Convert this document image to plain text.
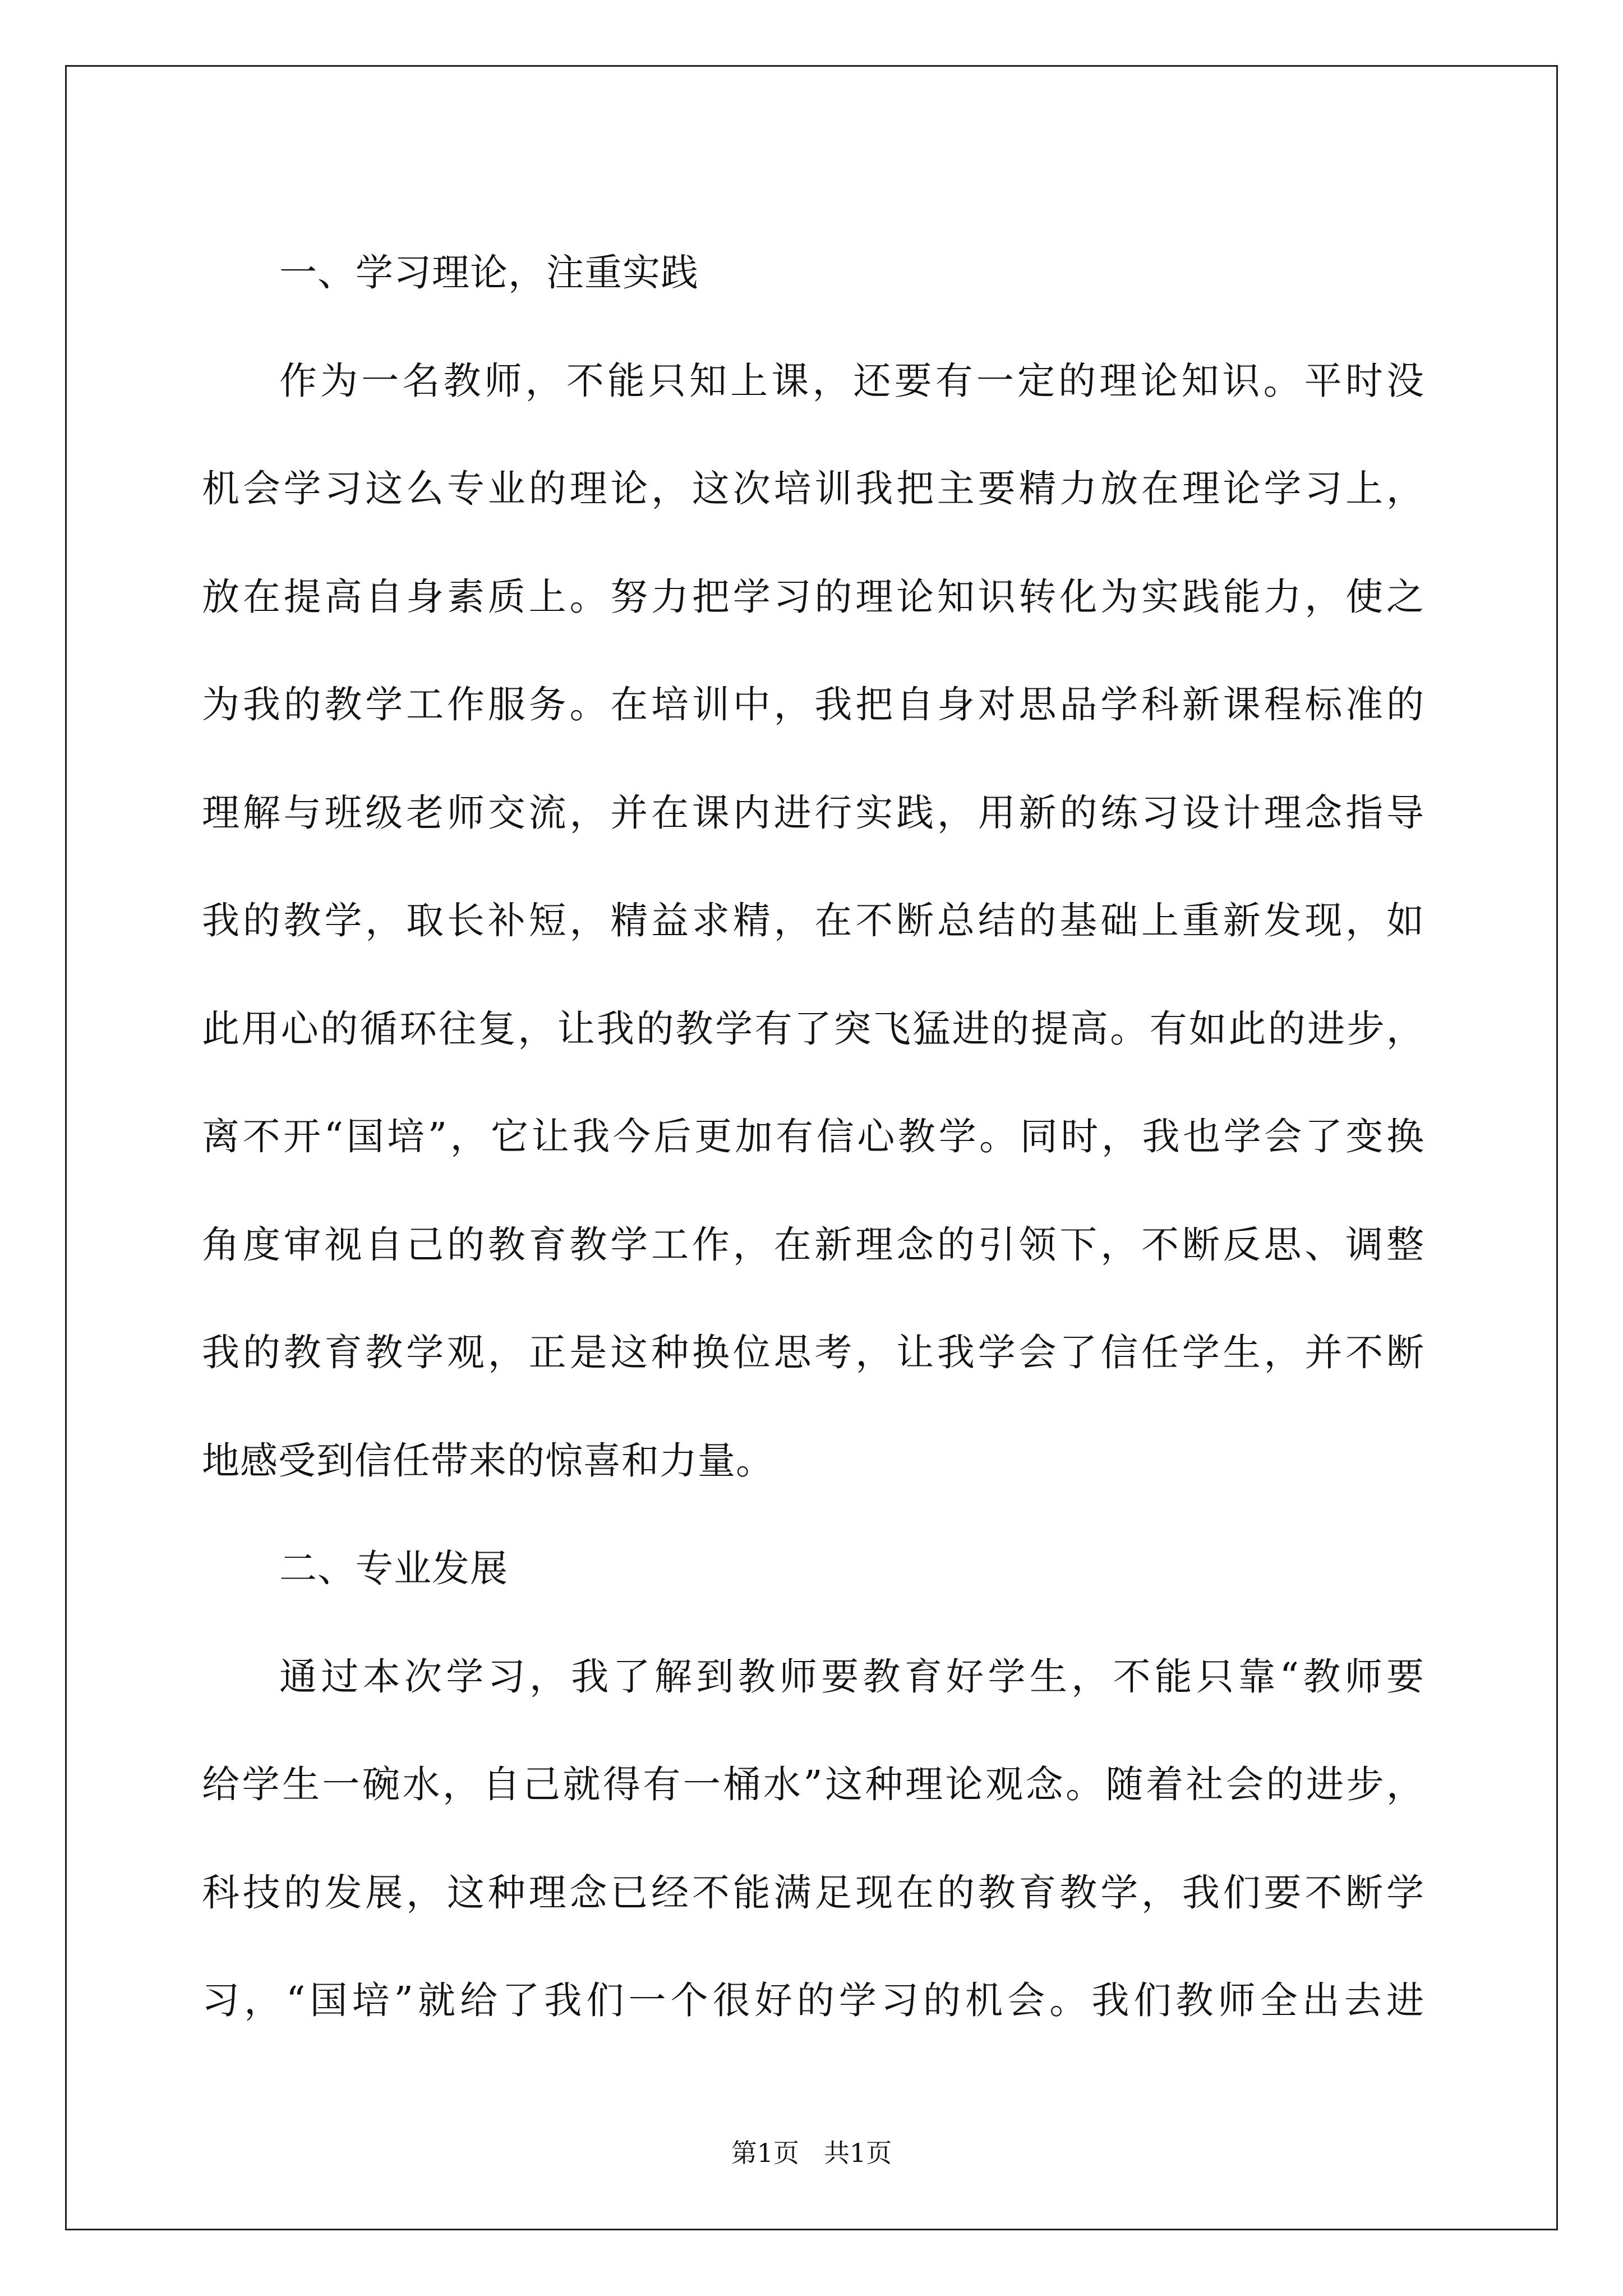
一、学习理论，注重实践
作为一名教师，不能只知上课，还要有一定的理论知识。平时没
机会学习这么专业的理论，这次培训我把主要精力放在理论学习上，
放在提高自身素质上。努力把学习的理论知识转化为实践能力，使之
为我的教学工作服务。在培训中，我把自身对思品学科新课程标准的
理解与班级老师交流，并在课内进行实践，用新的练习设计理念指导
我的教学，取长补短，精益求精，在不断总结的基础上重新发现，如
此用心的循环往复，让我的教学有了突飞猛进的提高。有如此的进步，
离不开“国培”，它让我今后更加有信心教学。同时，我也学会了变换
角度审视自己的教育教学工作，在新理念的引领下，不断反思、调整
我的教育教学观，正是这种换位思考，让我学会了信任学生，并不断
地感受到信任带来的惊喜和力量。
二、专业发展
通过本次学习，我了解到教师要教育好学生，不能只靠“教师要
给学生一碗水，自己就得有一桶水”这种理论观念。随着社会的进步，
科技的发展，这种理念已经不能满足现在的教育教学，我们要不断学
习，“国培”就给了我们一个很好的学习的机会。我们教师全出去进
第1页 共1页
